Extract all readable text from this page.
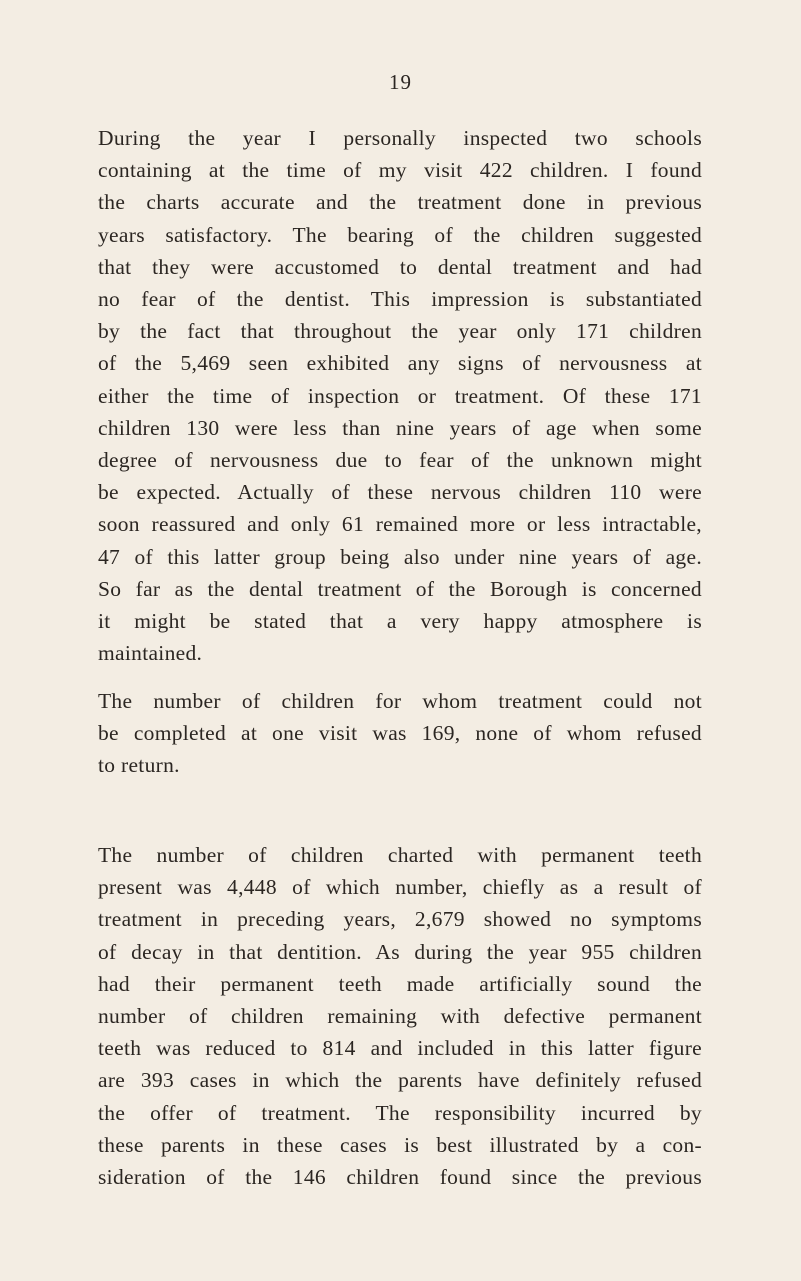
19

During the year I personally inspected two schools
containing at the time of my visit 422 children. I found
the charts accurate and the treatment done in previous
years satisfactory. The bearing of the children suggested
that they were accustomed to dental treatment and had
no fear of the dentist. This impression is substantiated
by the fact that throughout the year only 171 children
of the 5,469 seen exhibited any signs of nervousness at
either the time of inspection or treatment. Of these 171
children 130 were less than nine years of age when some
degree of nervousness due to fear of the unknown might
be expected. Actually of these nervous children 110 were
soon reassured and only 61 remained more or less intractable,
47 of this latter group being also under nine years of age.
So far as the dental treatment of the Borough is concerned
it might be stated that a very happy atmosphere is
maintained.

The number of children for whom treatment could not
be completed at one visit was 169, none of whom refused
to return.

The number of children charted with permanent teeth
present was 4,448 of which number, chiefly as a result of
treatment in preceding years, 2,679 showed no symptoms
of decay in that dentition. As during the year 955 children
had their permanent teeth made artificially sound the
number of children remaining with defective permanent
teeth was reduced to 814 and included in this latter figure
are 393 cases in which the parents have definitely refused
the offer of treatment. The responsibility incurred by
these parents in these cases is best illustrated by a con-
sideration of the 146 children found since the previous
